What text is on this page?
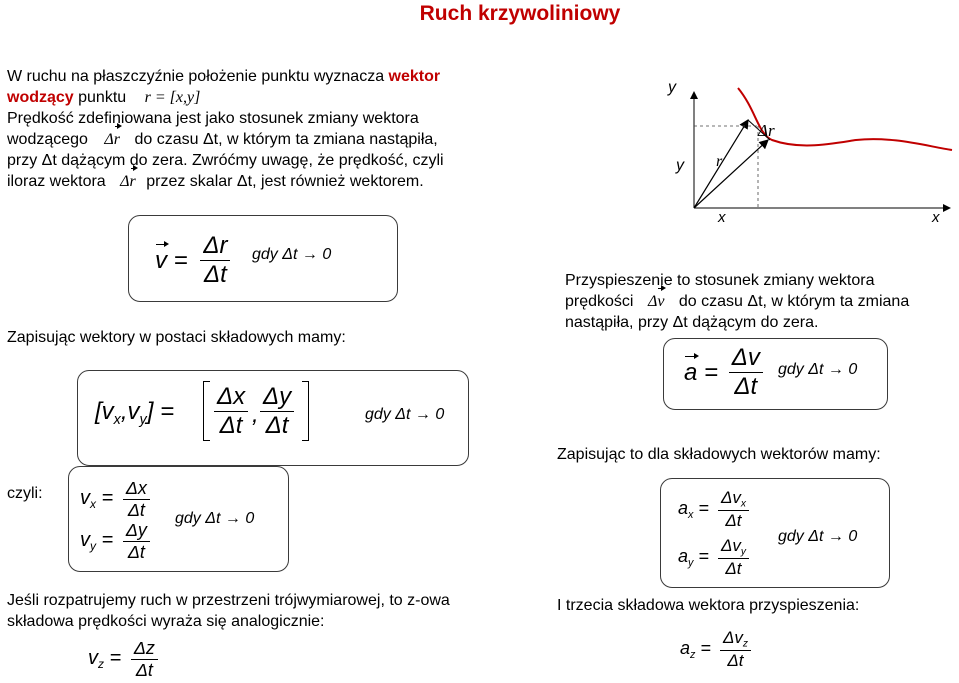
Ruch krzywoliniowy
W ruchu na płaszczyźnie położenie punktu wyznacza wektor
wodzący punktu r = [x,y]
Prędkość zdefiniowana jest jako stosunek zmiany wektora
wodzącego Δr do czasu Δt, w którym ta zmiana nastąpiła,
przy Δt dążącym do zera. Zwróćmy uwagę, że prędkość, czyli
iloraz wektora Δr przez skalar Δt, jest również wektorem.
$v = \frac{\Delta r}{\Delta t}$ gdy Δt → 0
Zapisując wektory w postaci składowych mamy:
$[v_x,v_y] = \frac{\Delta x}{\Delta t}$ , $\frac{\Delta y}{\Delta t}$	gdy Δt → 0
czyli: $v_x = \frac{\Delta x}{\Delta t}$
$v_y = \frac{\Delta y}{\Delta t}$
gdy Δt → 0
Jeśli rozpatrujemy ruch w przestrzeni trójwymiarowej, to z-owa
składowa prędkości wyraża się analogicznie:
$v_z = \frac{\Delta z}{\Delta t}$
y
y
x	x
r
Δr
Przyspieszenie to stosunek zmiany wektora
prędkości Δv do czasu Δt, w którym ta zmiana
nastąpiła, przy Δt dążącym do zera.
$a = \frac{\Delta v}{\Delta t}$ gdy Δt → 0
Zapisując to dla składowych wektorów mamy:
$a_x = \frac{\Delta v_x}{\Delta t}$
$a_y = \frac{\Delta v_y}{\Delta t}$ gdy Δt → 0
I trzecia składowa wektora przyspieszenia:
$a_z = \frac{\Delta v_z}{\Delta t}$
